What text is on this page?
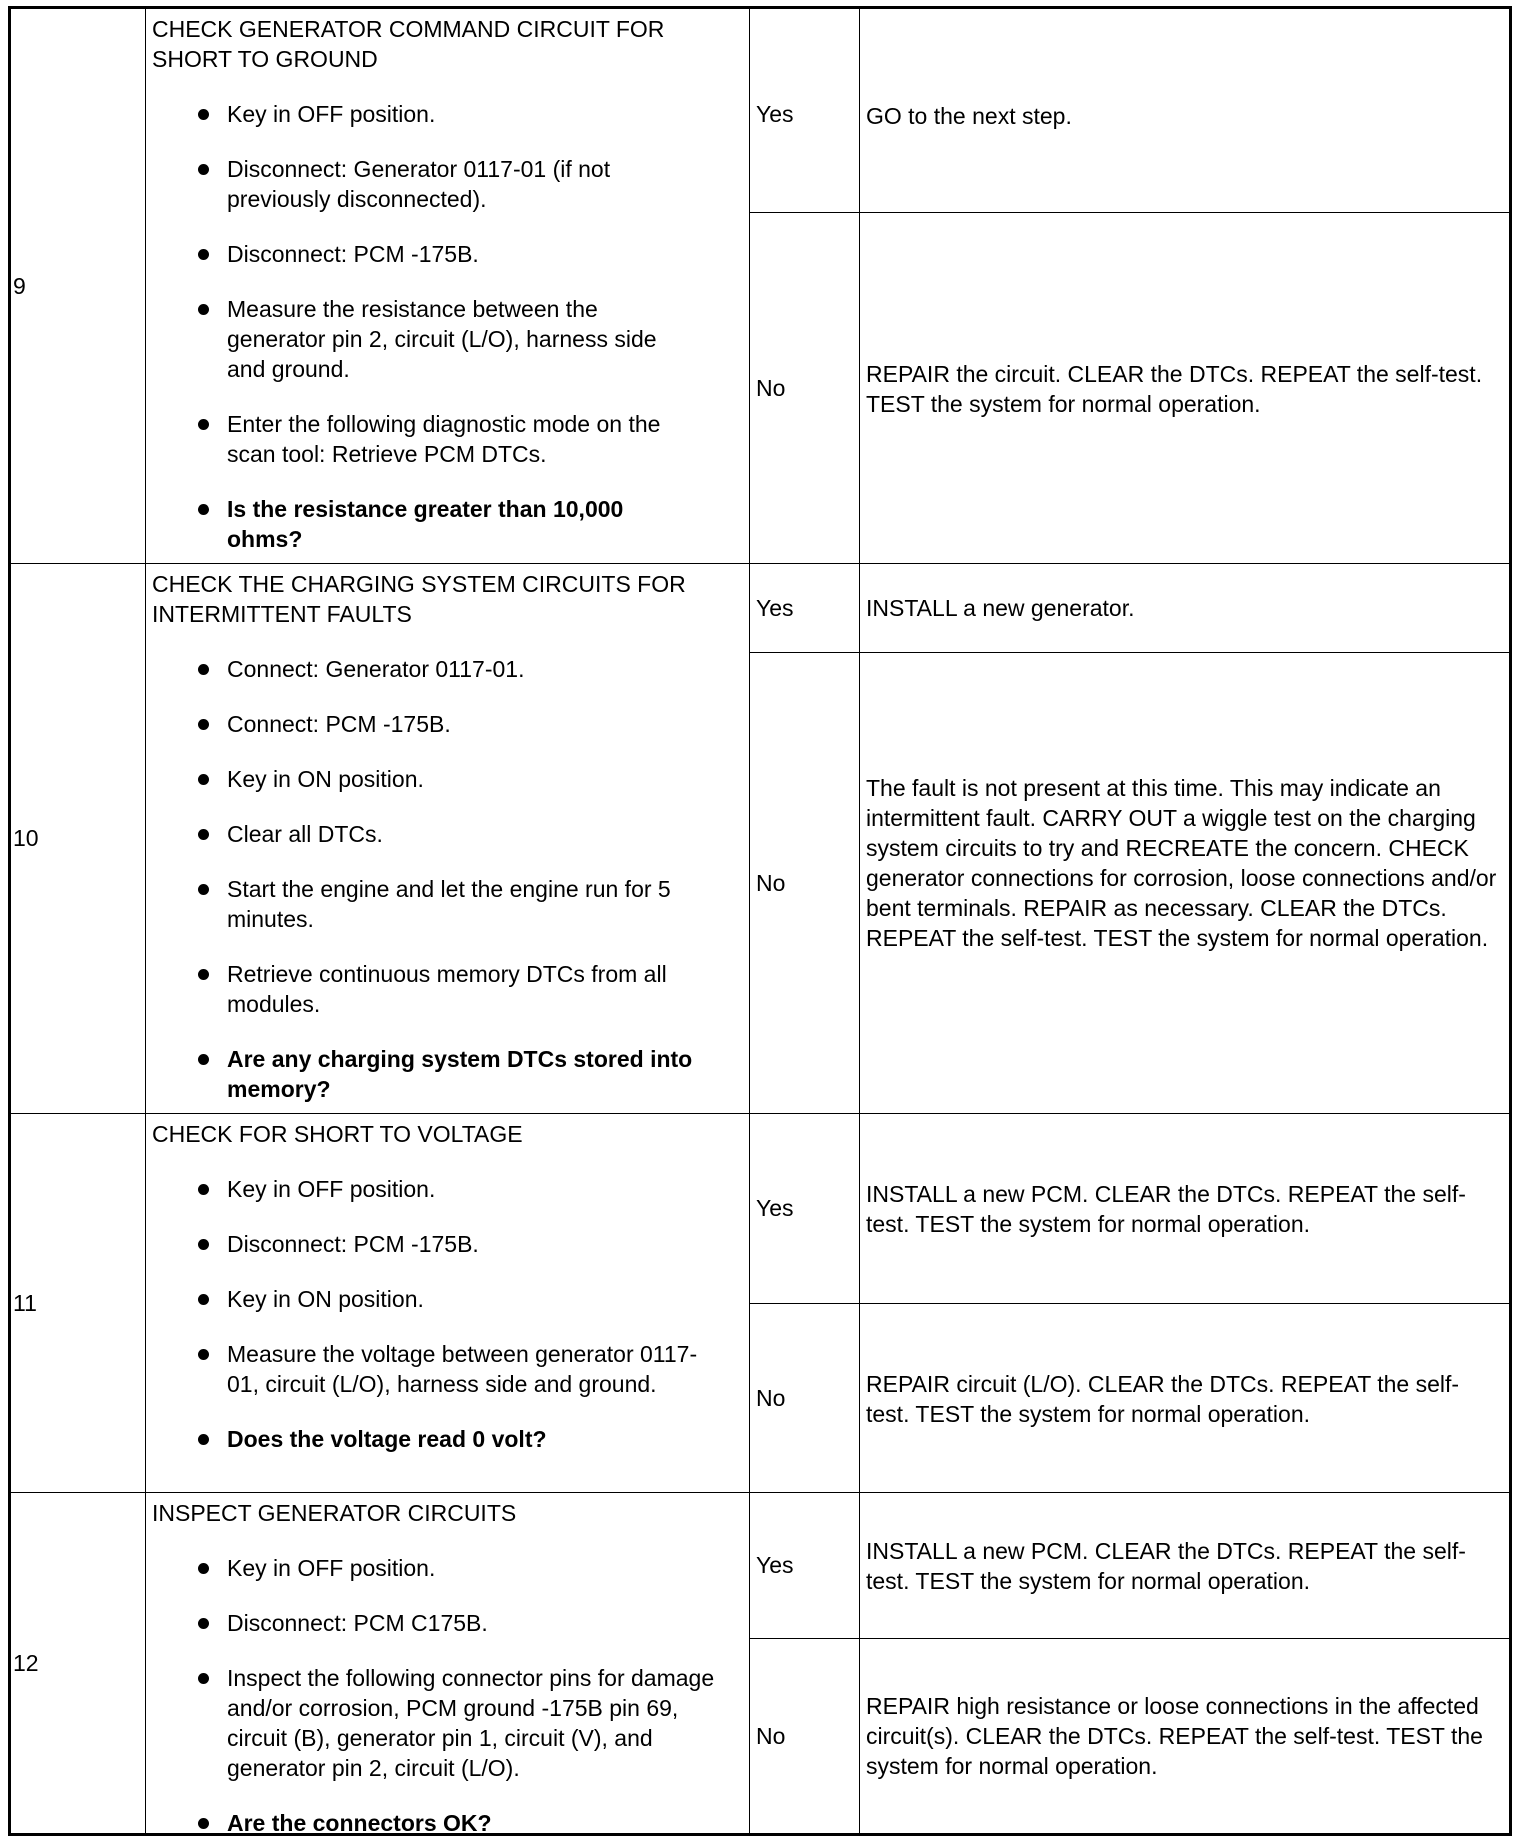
9
CHECK GENERATOR COMMAND CIRCUIT FOR SHORT TO GROUND
Key in OFF position.
Disconnect: Generator 0117-01 (if not previously disconnected).
Disconnect: PCM -175B.
Measure the resistance between the generator pin 2, circuit (L/O), harness side and ground.
Enter the following diagnostic mode on the scan tool: Retrieve PCM DTCs.
Is the resistance greater than 10,000 ohms?
Yes	GO to the next step.
No
REPAIR the circuit. CLEAR the DTCs. REPEAT the self-test. TEST the system for normal operation.
10
CHECK THE CHARGING SYSTEM CIRCUITS FOR INTERMITTENT FAULTS
Connect: Generator 0117-01.
Connect: PCM -175B.
Key in ON position.
Clear all DTCs.
Start the engine and let the engine run for 5 minutes.
Retrieve continuous memory DTCs from all modules.
Are any charging system DTCs stored into memory?
Yes	INSTALL a new generator.
No
The fault is not present at this time. This may indicate an intermittent fault. CARRY OUT a wiggle test on the charging system circuits to try and RECREATE the concern. CHECK generator connections for corrosion, loose connections and/or bent terminals. REPAIR as necessary. CLEAR the DTCs. REPEAT the self-test. TEST the system for normal operation.
11
CHECK FOR SHORT TO VOLTAGE
Key in OFF position.
Disconnect: PCM -175B.
Key in ON position.
Measure the voltage between generator 0117-01, circuit (L/O), harness side and ground.
Does the voltage read 0 volt?
Yes
INSTALL a new PCM. CLEAR the DTCs. REPEAT the self-test. TEST the system for normal operation.
No
REPAIR circuit (L/O). CLEAR the DTCs. REPEAT the self-test. TEST the system for normal operation.
12
INSPECT GENERATOR CIRCUITS
Key in OFF position.
Disconnect: PCM C175B.
Inspect the following connector pins for damage and/or corrosion, PCM ground -175B pin 69, circuit (B), generator pin 1, circuit (V), and generator pin 2, circuit (L/O).
Are the connectors OK?
Yes
INSTALL a new PCM. CLEAR the DTCs. REPEAT the self-test. TEST the system for normal operation.
No
REPAIR high resistance or loose connections in the affected circuit(s). CLEAR the DTCs. REPEAT the self-test. TEST the system for normal operation.
